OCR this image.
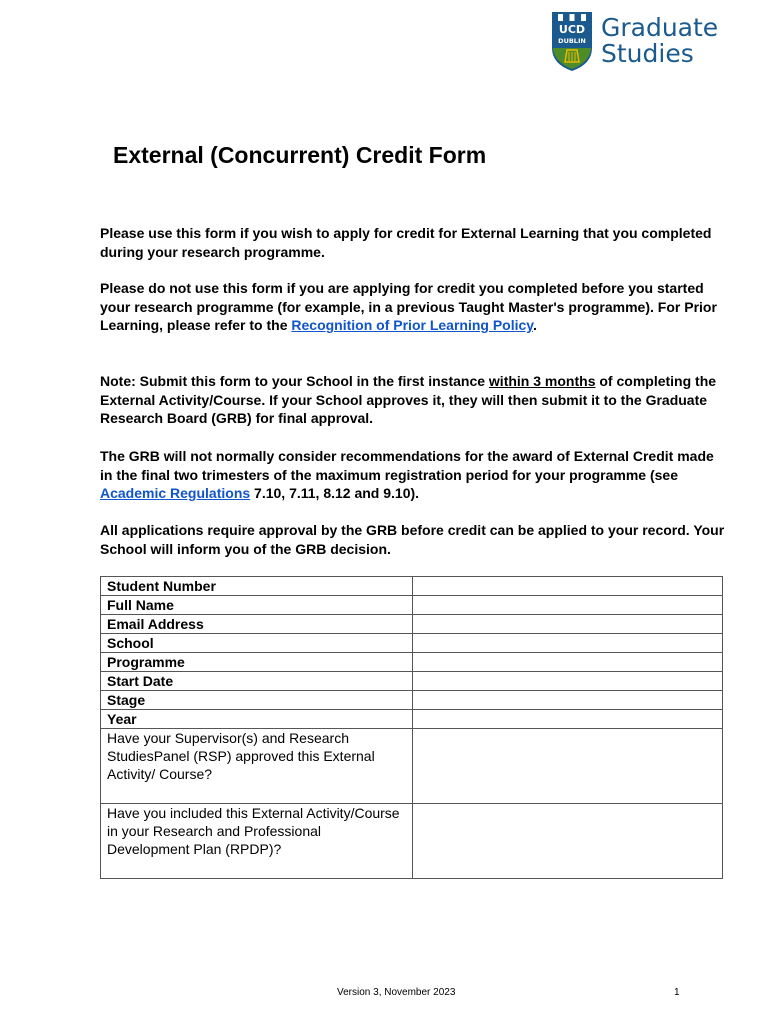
UCD
DUBLIN Graduate
Studies
External (Concurrent) Credit Form

Please use this form if you wish to apply for credit for External Learning that you completed during your research programme.

Please do not use this form if you are applying for credit you completed before you started your research programme (for example, in a previous Taught Master's programme). For Prior Learning, please refer to the Recognition of Prior Learning Policy.

Note: Submit this form to your School in the first instance within 3 months of completing the External Activity/Course. If your School approves it, they will then submit it to the Graduate Research Board (GRB) for final approval.

The GRB will not normally consider recommendations for the award of External Credit made in the final two trimesters of the maximum registration period for your programme (see Academic Regulations 7.10, 7.11, 8.12 and 9.10).

All applications require approval by the GRB before credit can be applied to your record. Your School will inform you of the GRB decision.

Student Number	
Full Name	
Email Address	
School	
Programme	
Start Date	
Stage	
Year	
Have your Supervisor(s) and Research StudiesPanel (RSP) approved this External Activity/ Course?	
Have you included this External Activity/Course in your Research and Professional Development Plan (RPDP)?	
Version 3, November 2023	1
